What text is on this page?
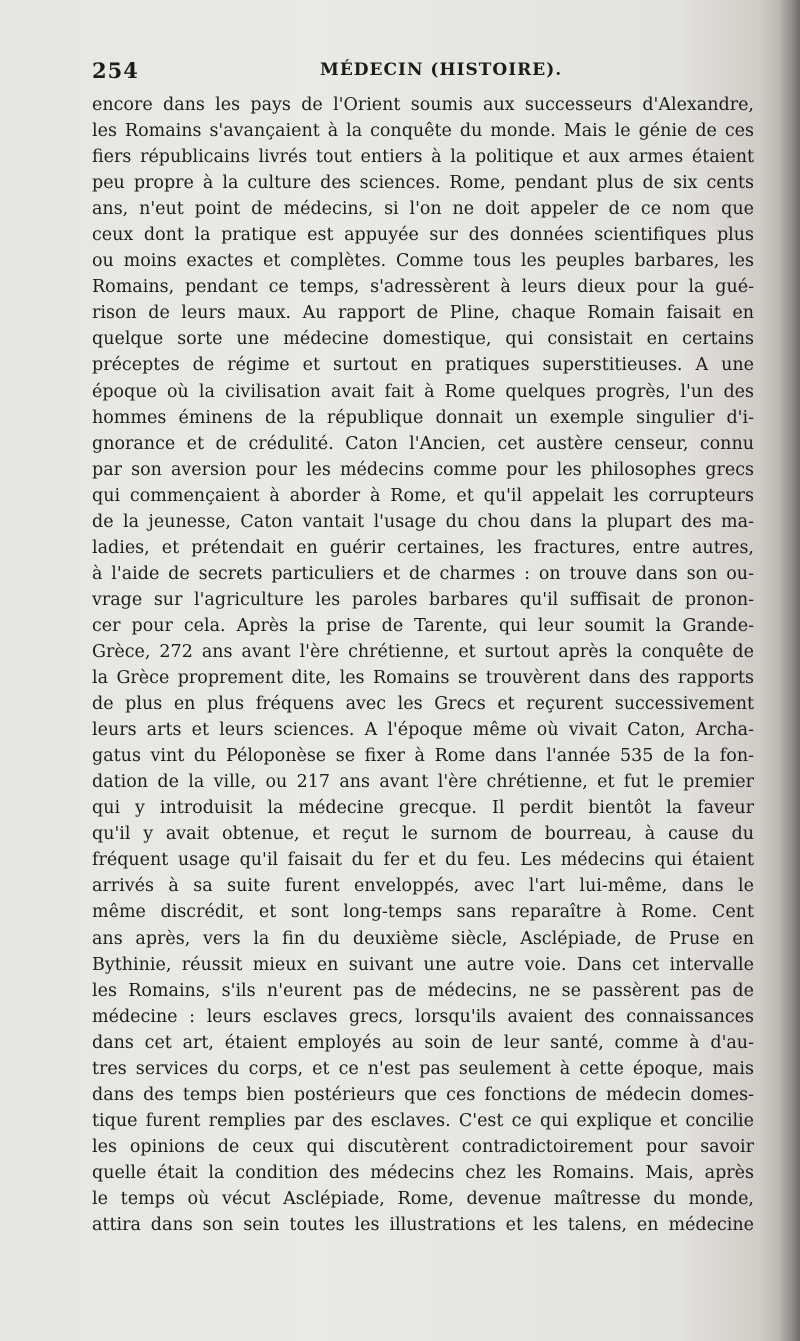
254	MÉDECIN (HISTOIRE).
encore dans les pays de l'Orient soumis aux successeurs d'Alexandre,
les Romains s'avançaient à la conquête du monde. Mais le génie de ces
fiers républicains livrés tout entiers à la politique et aux armes étaient
peu propre à la culture des sciences. Rome, pendant plus de six cents
ans, n'eut point de médecins, si l'on ne doit appeler de ce nom que
ceux dont la pratique est appuyée sur des données scientifiques plus
ou moins exactes et complètes. Comme tous les peuples barbares, les
Romains, pendant ce temps, s'adressèrent à leurs dieux pour la gué-
rison de leurs maux. Au rapport de Pline, chaque Romain faisait en
quelque sorte une médecine domestique, qui consistait en certains
préceptes de régime et surtout en pratiques superstitieuses. A une
époque où la civilisation avait fait à Rome quelques progrès, l'un des
hommes éminens de la république donnait un exemple singulier d'i-
gnorance et de crédulité. Caton l'Ancien, cet austère censeur, connu
par son aversion pour les médecins comme pour les philosophes grecs
qui commençaient à aborder à Rome, et qu'il appelait les corrupteurs
de la jeunesse, Caton vantait l'usage du chou dans la plupart des ma-
ladies, et prétendait en guérir certaines, les fractures, entre autres,
à l'aide de secrets particuliers et de charmes : on trouve dans son ou-
vrage sur l'agriculture les paroles barbares qu'il suffisait de pronon-
cer pour cela. Après la prise de Tarente, qui leur soumit la Grande-
Grèce, 272 ans avant l'ère chrétienne, et surtout après la conquête de
la Grèce proprement dite, les Romains se trouvèrent dans des rapports
de plus en plus fréquens avec les Grecs et reçurent successivement
leurs arts et leurs sciences. A l'époque même où vivait Caton, Archa-
gatus vint du Péloponèse se fixer à Rome dans l'année 535 de la fon-
dation de la ville, ou 217 ans avant l'ère chrétienne, et fut le premier
qui y introduisit la médecine grecque. Il perdit bientôt la faveur
qu'il y avait obtenue, et reçut le surnom de bourreau, à cause du
fréquent usage qu'il faisait du fer et du feu. Les médecins qui étaient
arrivés à sa suite furent enveloppés, avec l'art lui-même, dans le
même discrédit, et sont long-temps sans reparaître à Rome. Cent
ans après, vers la fin du deuxième siècle, Asclépiade, de Pruse en
Bythinie, réussit mieux en suivant une autre voie. Dans cet intervalle
les Romains, s'ils n'eurent pas de médecins, ne se passèrent pas de
médecine : leurs esclaves grecs, lorsqu'ils avaient des connaissances
dans cet art, étaient employés au soin de leur santé, comme à d'au-
tres services du corps, et ce n'est pas seulement à cette époque, mais
dans des temps bien postérieurs que ces fonctions de médecin domes-
tique furent remplies par des esclaves. C'est ce qui explique et concilie
les opinions de ceux qui discutèrent contradictoirement pour savoir
quelle était la condition des médecins chez les Romains. Mais, après
le temps où vécut Asclépiade, Rome, devenue maîtresse du monde,
attira dans son sein toutes les illustrations et les talens, en médecine
